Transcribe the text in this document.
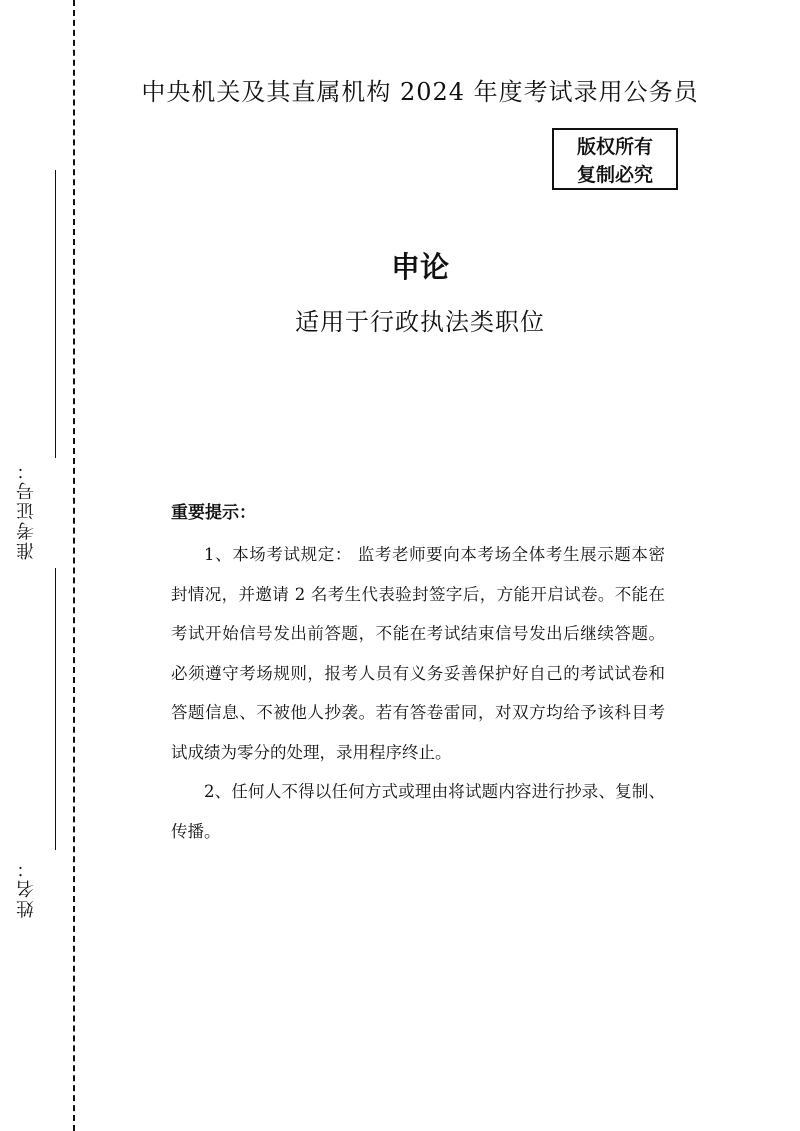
准考证号：
姓名：
中央机关及其直属机构 2024 年度考试录用公务员
版权所有
复制必究
申论
适用于行政执法类职位
重要提示：

1、本场考试规定： 监考老师要向本考场全体考生展示题本密封情况，并邀请 2 名考生代表验封签字后，方能开启试卷。不能在考试开始信号发出前答题，不能在考试结束信号发出后继续答题。必须遵守考场规则，报考人员有义务妥善保护好自己的考试试卷和答题信息、不被他人抄袭。若有答卷雷同，对双方均给予该科目考试成绩为零分的处理，录用程序终止。

2、任何人不得以任何方式或理由将试题内容进行抄录、复制、传播。
